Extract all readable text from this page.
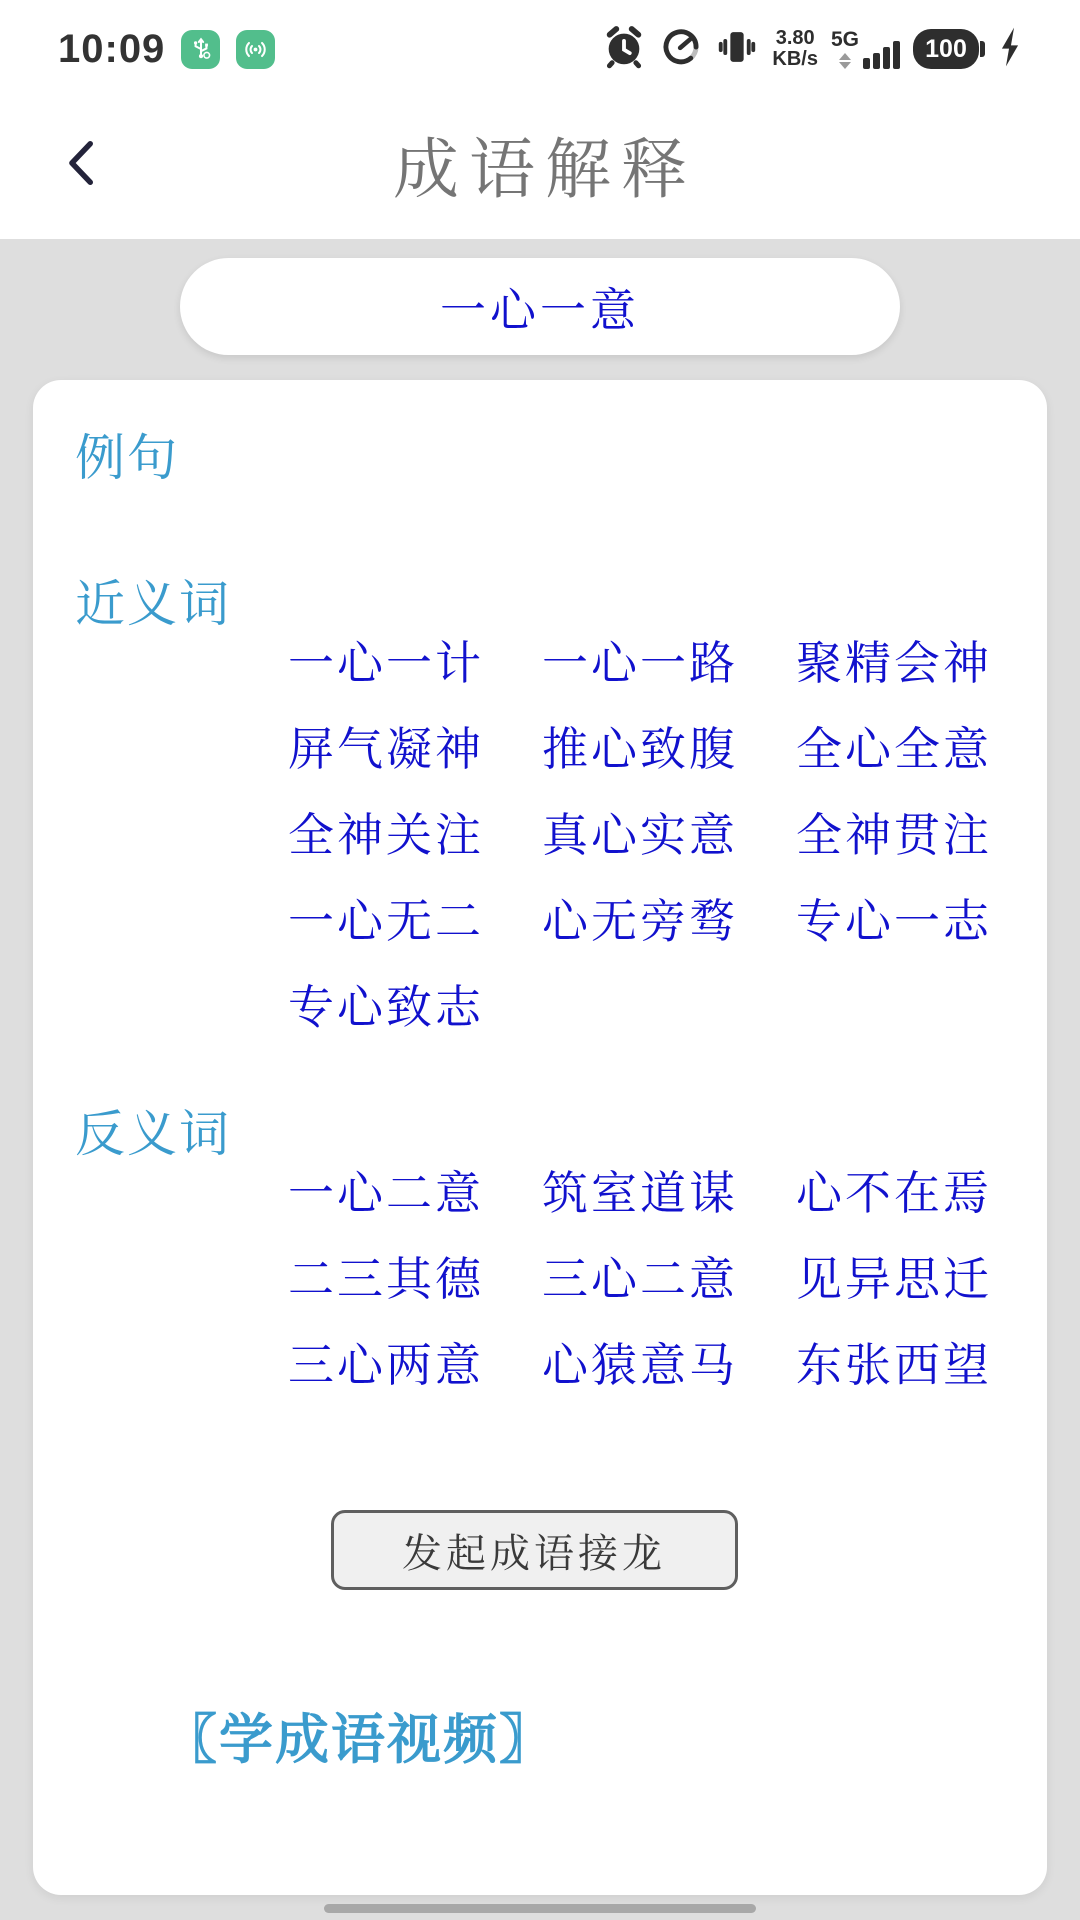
10:09	3.80
KB/s
5G	100
成语解释
一心一意
例句
近义词
一心一计 一心一路 聚精会神
屏气凝神 推心致腹 全心全意
全神关注 真心实意 全神贯注
一心无二 心无旁骛 专心一志
专心致志
反义词
一心二意 筑室道谋 心不在焉
二三其德 三心二意 见异思迁
三心两意 心猿意马 东张西望
发起成语接龙
〖学成语视频〗
